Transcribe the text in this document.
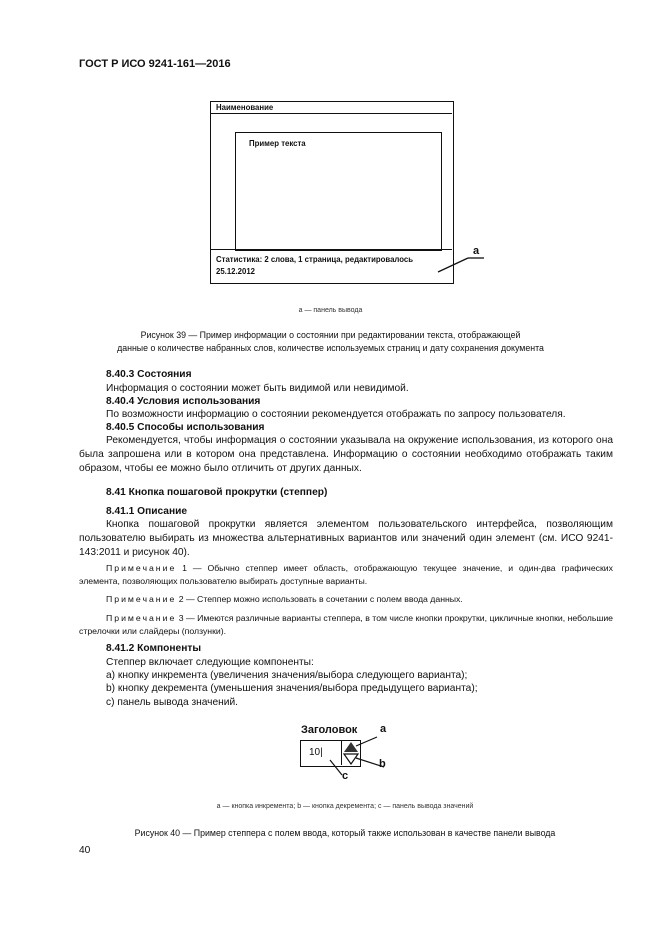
ГОСТ Р ИСО 9241-161—2016
Наименование
Пример текста
Статистика: 2 слова, 1 страница, редактировалось
25.12.2012
a
a — панель вывода
Рисунок 39 — Пример информации о состоянии при редактировании текста, отображающей
данные о количестве набранных слов, количестве используемых страниц и дату сохранения документа
8.40.3 Состояния
Информация о состоянии может быть видимой или невидимой.
8.40.4 Условия использования
По возможности информацию о состоянии рекомендуется отображать по запросу пользователя.
8.40.5 Способы использования
Рекомендуется, чтобы информация о состоянии указывала на окружение использования, из которого она была запрошена или в котором она представлена. Информацию о состоянии необходимо отображать таким образом, чтобы ее можно было отличить от других данных.
8.41 Кнопка пошаговой прокрутки (степпер)
8.41.1 Описание
Кнопка пошаговой прокрутки является элементом пользовательского интерфейса, позволяющим пользователю выбирать из множества альтернативных вариантов или значений один элемент (см. ИСО 9241-143:2011 и рисунок 40).
Примечание 1 — Обычно степпер имеет область, отображающую текущее значение, и один-два графических элемента, позволяющих пользователю выбирать доступные варианты.
Примечание 2 — Степпер можно использовать в сочетании с полем ввода данных.
Примечание 3 — Имеются различные варианты степпера, в том числе кнопки прокрутки, цикличные кнопки, небольшие стрелочки или слайдеры (ползунки).
8.41.2 Компоненты
Степпер включает следующие компоненты:
a) кнопку инкремента (увеличения значения/выбора следующего варианта);
b) кнопку декремента (уменьшения значения/выбора предыдущего варианта);
c) панель вывода значений.
Заголовок
10|
a
b
c
a — кнопка инкремента; b — кнопка декремента; c — панель вывода значений
Рисунок 40 — Пример степпера с полем ввода, который также использован в качестве панели вывода
40
